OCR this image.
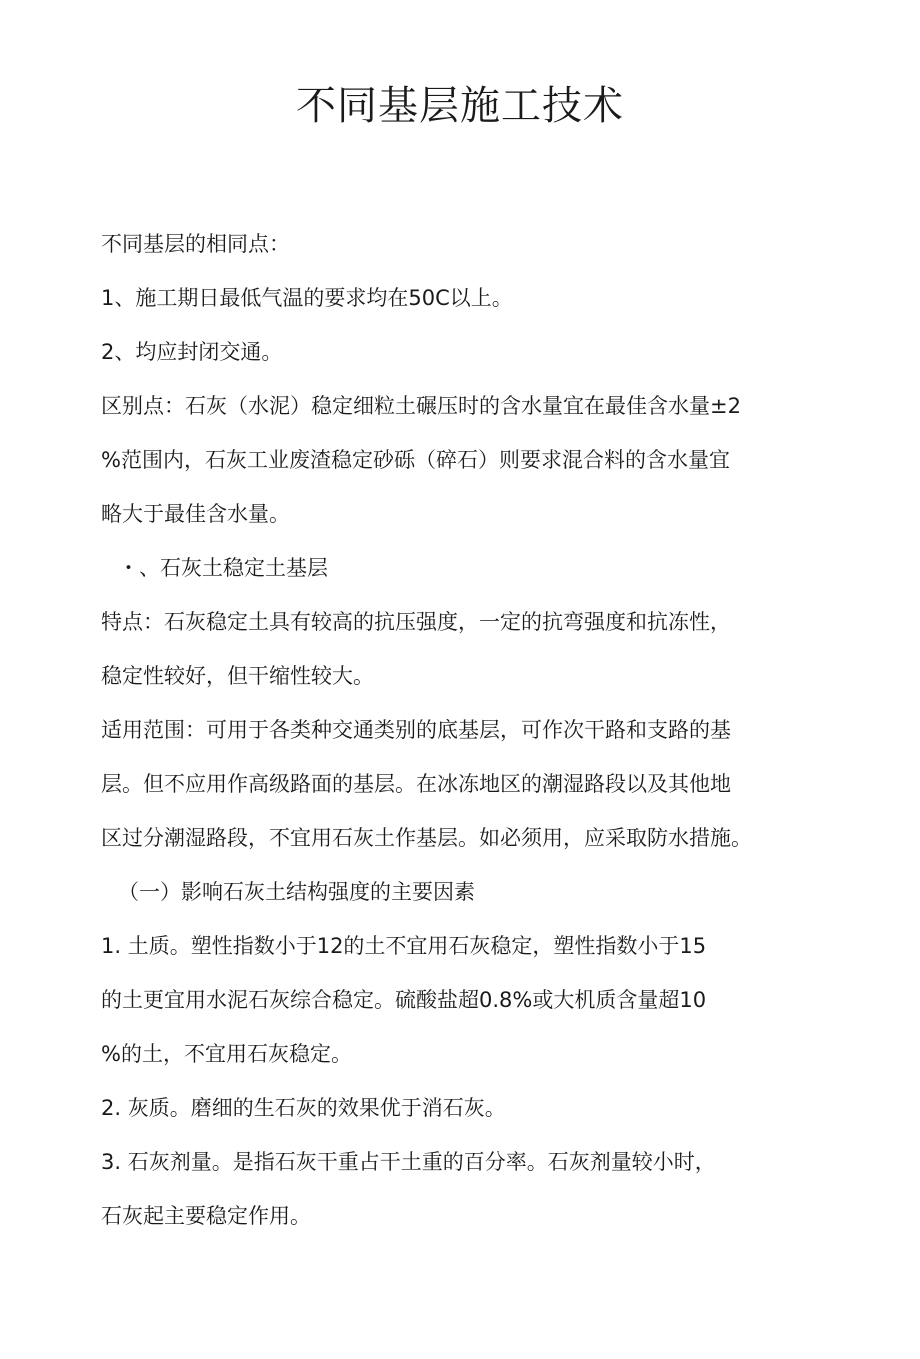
不同基层施工技术

不同基层的相同点：

1、施工期日最低气温的要求均在50C以上。

2、均应封闭交通。

区别点：石灰（水泥）稳定细粒土碾压时的含水量宜在最佳含水量±2

%范围内，石灰工业废渣稳定砂砾（碎石）则要求混合料的含水量宜

略大于最佳含水量。

・、石灰土稳定土基层

特点：石灰稳定土具有较高的抗压强度，一定的抗弯强度和抗冻性，

稳定性较好，但干缩性较大。

适用范围：可用于各类种交通类别的底基层，可作次干路和支路的基

层。但不应用作高级路面的基层。在冰冻地区的潮湿路段以及其他地

区过分潮湿路段，不宜用石灰土作基层。如必须用，应采取防水措施。

（一）影响石灰土结构强度的主要因素

1. 土质。塑性指数小于12的土不宜用石灰稳定，塑性指数小于15

的土更宜用水泥石灰综合稳定。硫酸盐超0.8%或大机质含量超10

%的土，不宜用石灰稳定。

2. 灰质。磨细的生石灰的效果优于消石灰。

3. 石灰剂量。是指石灰干重占干土重的百分率。石灰剂量较小时，

石灰起主要稳定作用。
